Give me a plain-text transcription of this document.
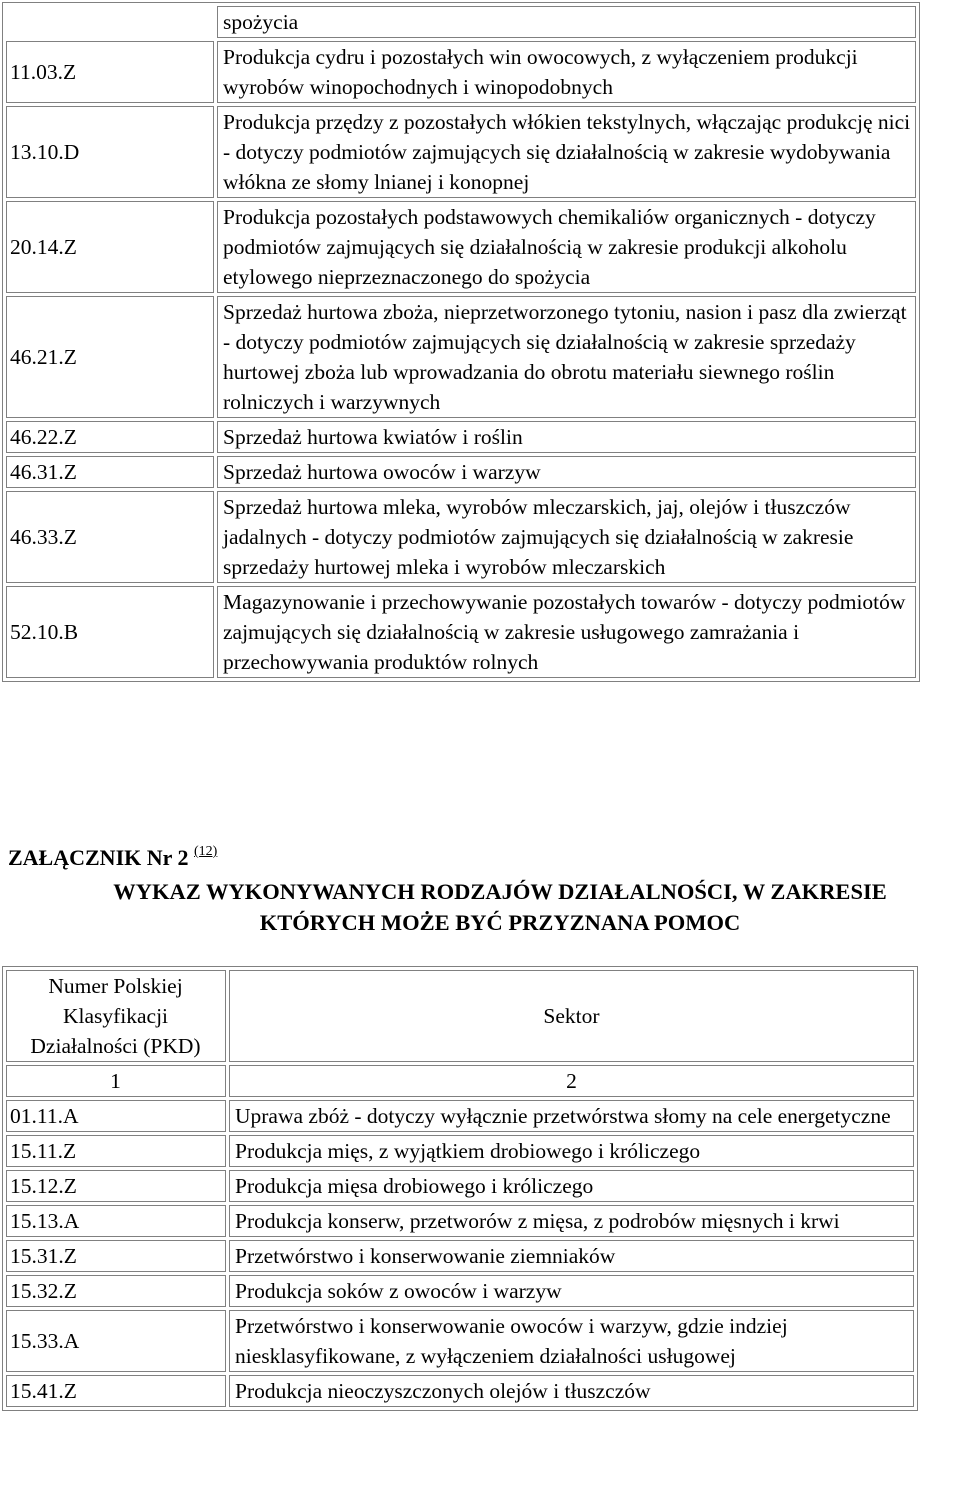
	spożycia
11.03.Z	Produkcja cydru i pozostałych win owocowych, z wyłączeniem produkcji wyrobów winopochodnych i winopodobnych
13.10.D	Produkcja przędzy z pozostałych włókien tekstylnych, włączając produkcję nici - dotyczy podmiotów zajmujących się działalnością w zakresie wydobywania włókna ze słomy lnianej i konopnej
20.14.Z	Produkcja pozostałych podstawowych chemikaliów organicznych - dotyczy podmiotów zajmujących się działalnością w zakresie produkcji alkoholu etylowego nieprzeznaczonego do spożycia
46.21.Z	Sprzedaż hurtowa zboża, nieprzetworzonego tytoniu, nasion i pasz dla zwierząt - dotyczy podmiotów zajmujących się działalnością w zakresie sprzedaży hurtowej zboża lub wprowadzania do obrotu materiału siewnego roślin rolniczych i warzywnych
46.22.Z	Sprzedaż hurtowa kwiatów i roślin
46.31.Z	Sprzedaż hurtowa owoców i warzyw
46.33.Z	Sprzedaż hurtowa mleka, wyrobów mleczarskich, jaj, olejów i tłuszczów jadalnych - dotyczy podmiotów zajmujących się działalnością w zakresie sprzedaży hurtowej mleka i wyrobów mleczarskich
52.10.B	Magazynowanie i przechowywanie pozostałych towarów - dotyczy podmiotów zajmujących się działalnością w zakresie usługowego zamrażania i przechowywania produktów rolnych
ZAŁĄCZNIK Nr 2 $^{(12)}$
WYKAZ WYKONYWANYCH RODZAJÓW DZIAŁALNOŚCI, W ZAKRESIE
KTÓRYCH MOŻE BYĆ PRZYZNANA POMOC
Numer Polskiej Klasyfikacji Działalności (PKD)	Sektor
1	2
01.11.A	Uprawa zbóż - dotyczy wyłącznie przetwórstwa słomy na cele energetyczne
15.11.Z	Produkcja mięs, z wyjątkiem drobiowego i króliczego
15.12.Z	Produkcja mięsa drobiowego i króliczego
15.13.A	Produkcja konserw, przetworów z mięsa, z podrobów mięsnych i krwi
15.31.Z	Przetwórstwo i konserwowanie ziemniaków
15.32.Z	Produkcja soków z owoców i warzyw
15.33.A	Przetwórstwo i konserwowanie owoców i warzyw, gdzie indziej niesklasyfikowane, z wyłączeniem działalności usługowej
15.41.Z	Produkcja nieoczyszczonych olejów i tłuszczów
